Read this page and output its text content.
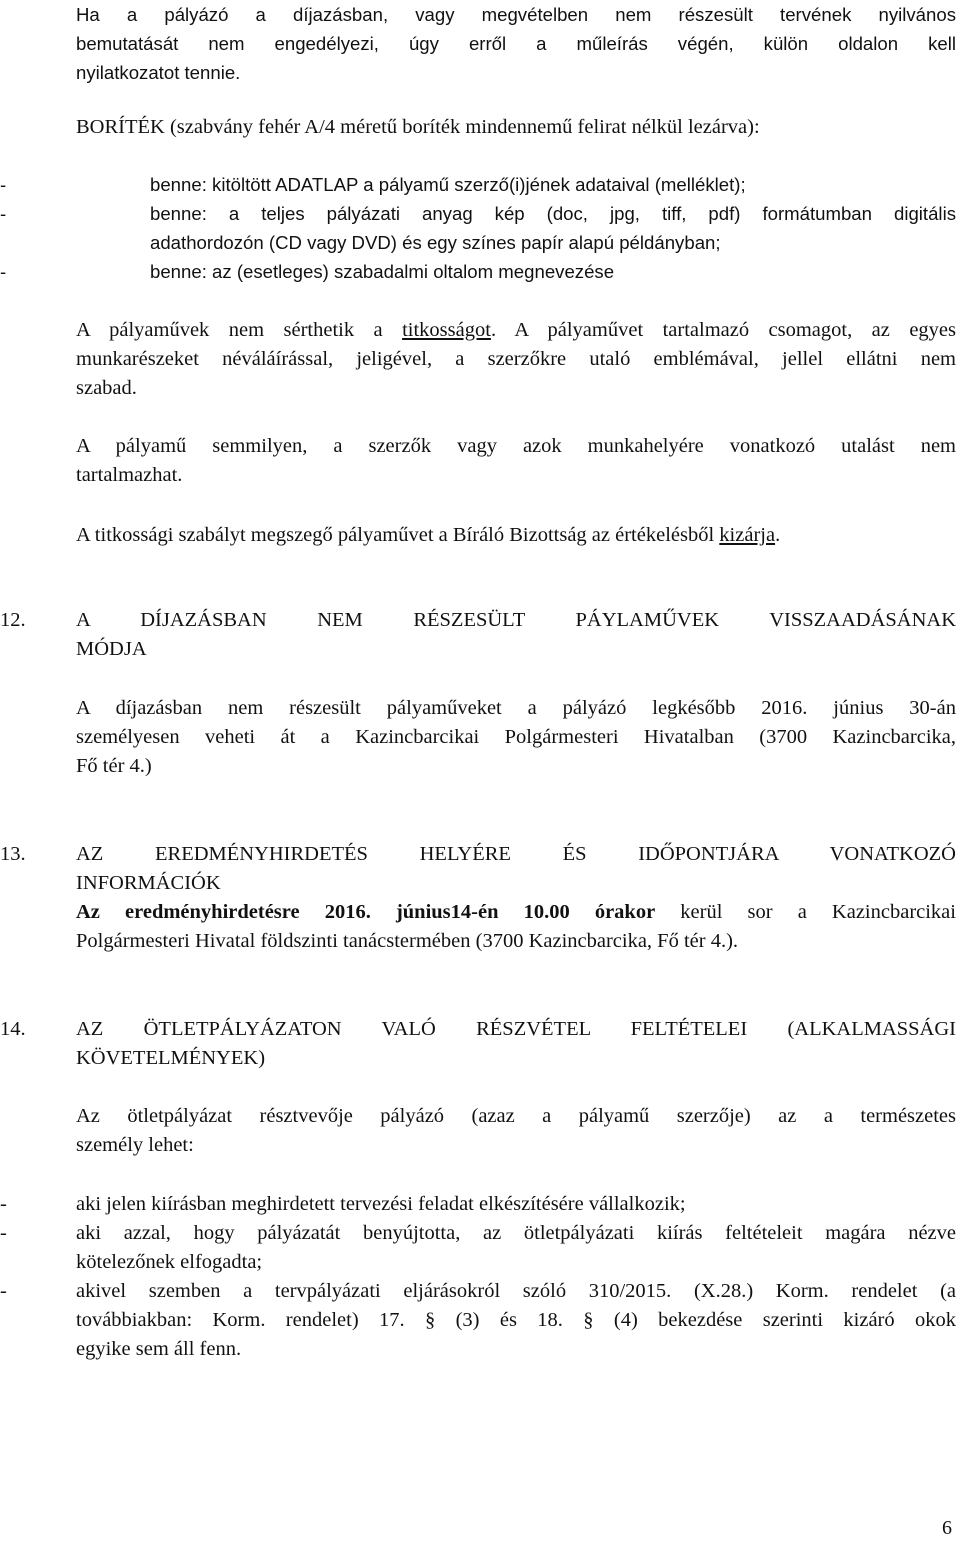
Ha a pályázó a díjazásban, vagy megvételben nem részesült tervének nyilvános

bemutatását nem engedélyezi, úgy erről a műleírás végén, külön oldalon kell

nyilatkozatot tennie.

BORÍTÉK (szabvány fehér A/4 méretű boríték mindennemű felirat nélkül lezárva):

-	benne: kitöltött ADATLAP a pályamű szerző(i)jének adataival (melléklet);
-	benne: a teljes pályázati anyag kép (doc, jpg, tiff, pdf) formátumban digitális
adathordozón (CD vagy DVD) és egy színes papír alapú példányban;
-	benne: az (esetleges) szabadalmi oltalom megnevezése

A pályaművek nem sérthetik a titkosságot. A pályaművet tartalmazó csomagot, az egyes

munkarészeket néváláírással, jeligével, a szerzőkre utaló emblémával, jellel ellátni nem

szabad.

A pályamű semmilyen, a szerzők vagy azok munkahelyére vonatkozó utalást nem

tartalmazhat.

A titkossági szabályt megszegő pályaművet a Bíráló Bizottság az értékelésből kizárja.

12. A DÍJAZÁSBAN NEM RÉSZESÜLT PÁYLAMŰVEK VISSZAADÁSÁNAK

MÓDJA

A díjazásban nem részesült pályaműveket a pályázó legkésőbb 2016. június 30-án

személyesen veheti át a Kazincbarcikai Polgármesteri Hivatalban (3700 Kazincbarcika,

Fő tér 4.)

13. AZ EREDMÉNYHIRDETÉS HELYÉRE ÉS IDŐPONTJÁRA VONATKOZÓ

INFORMÁCIÓK

Az eredményhirdetésre 2016. június14-én 10.00 órakor kerül sor a Kazincbarcikai

Polgármesteri Hivatal földszinti tanácstermében (3700 Kazincbarcika, Fő tér 4.).

14. AZ ÖTLETPÁLYÁZATON VALÓ RÉSZVÉTEL FELTÉTELEI (ALKALMASSÁGI

KÖVETELMÉNYEK)

Az ötletpályázat résztvevője pályázó (azaz a pályamű szerzője) az a természetes

személy lehet:

-	aki jelen kiírásban meghirdetett tervezési feladat elkészítésére vállalkozik;

-	aki azzal, hogy pályázatát benyújtotta, az ötletpályázati kiírás feltételeit magára nézve

kötelezőnek elfogadta;

-	akivel szemben a tervpályázati eljárásokról szóló 310/2015. (X.28.) Korm. rendelet (a

továbbiakban: Korm. rendelet) 17. § (3) és 18. § (4) bekezdése szerinti kizáró okok

egyike sem áll fenn.

6
